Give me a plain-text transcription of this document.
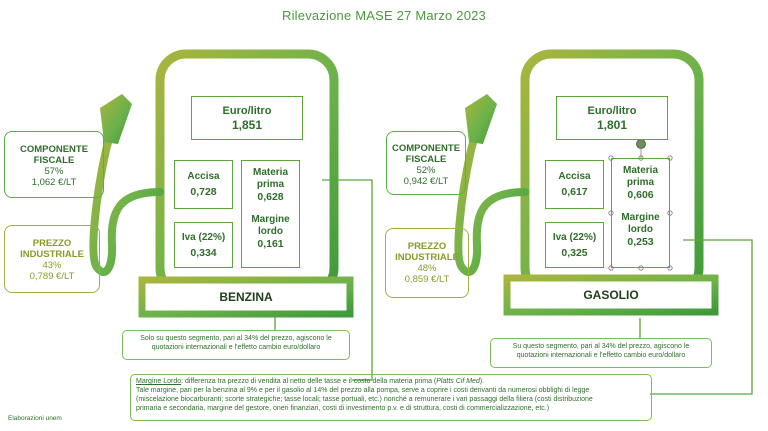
Rilevazione MASE 27 Marzo 2023
Euro/litro
1,851
Accisa
0,728
Iva (22%)
0,334
Materia
prima
0,628
Margine
lordo
0,161
BENZINA
COMPONENTE
FISCALE
57%
1,062 €/LT
PREZZO
INDUSTRIALE
43%
0,789 €/LT
Solo su questo segmento, pari al 34% del prezzo, agiscono le
quotazioni internazionali e l'effetto cambio euro/dollaro
Euro/litro
1,801
Accisa
0,617
Iva (22%)
0,325
Materia
prima
0,606
Margine
lordo
0,253
GASOLIO
COMPONENTE
FISCALE
52%
0,942 €/LT
PREZZO
INDUSTRIALE
48%
0,859 €/LT
Su questo segmento, pari al 34% del prezzo, agiscono le
quotazioni internazionali e l'effetto cambio euro/dollaro
Margine Lordo: differenza tra prezzo di vendita al netto delle tasse e il costo della materia prima (Platts Cif Med).
Tale margine, pari per la benzina al 9% e per il gasolio al 14% del prezzo alla pompa, serve a coprire i costi derivanti da numerosi obblighi di legge
(miscelazione biocarburanti; scorte strategiche; tasse locali; tasse portuali, etc.) nonché a remunerare i vari passaggi della filiera (costi distribuzione
primaria e secondaria, margine del gestore, oneri finanziari, costi di investimento p.v. e di struttura, costi di commercializzazione, etc.)
Elaborazioni unem
